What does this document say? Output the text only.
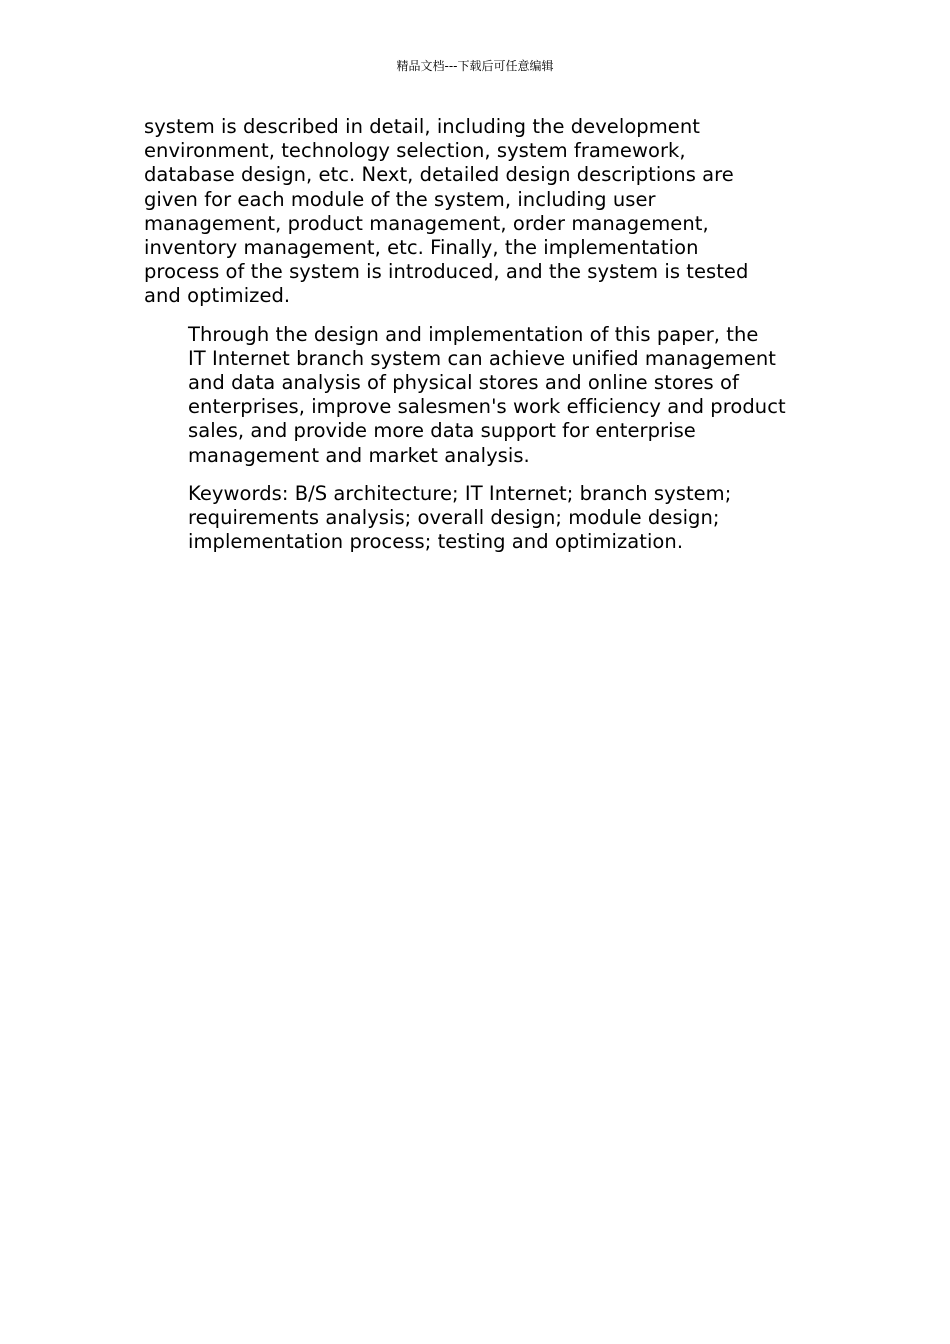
精品文档---下载后可任意编辑

system is described in detail, including the development
environment, technology selection, system framework,
database design, etc. Next, detailed design descriptions are
given for each module of the system, including user
management, product management, order management,
inventory management, etc. Finally, the implementation
process of the system is introduced, and the system is tested
and optimized.

Through the design and implementation of this paper, the
IT Internet branch system can achieve unified management
and data analysis of physical stores and online stores of
enterprises, improve salesmen's work efficiency and product
sales, and provide more data support for enterprise
management and market analysis.

Keywords: B/S architecture; IT Internet; branch system;
requirements analysis; overall design; module design;
implementation process; testing and optimization.
